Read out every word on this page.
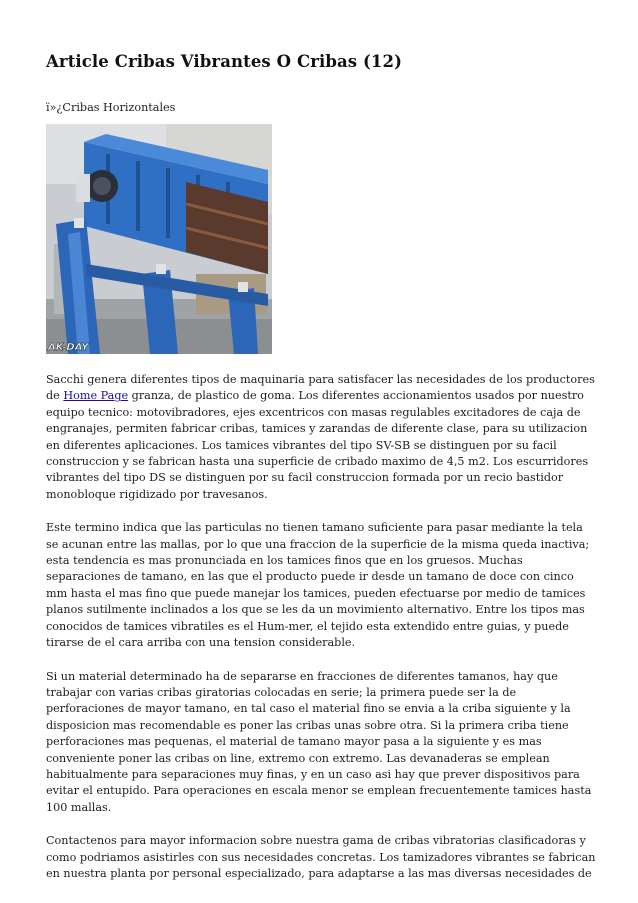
Article Cribas Vibrantes O Cribas (12)
ï»¿Cribas Horizontales
AK-DAY

Sacchi genera diferentes tipos de maquinaria para satisfacer las necesidades de los productores de Home Page granza, de plastico de goma. Los diferentes accionamientos usados por nuestro equipo tecnico: motovibradores, ejes excentricos con masas regulables excitadores de caja de engranajes, permiten fabricar cribas, tamices y zarandas de diferente clase, para su utilizacion en diferentes aplicaciones. Los tamices vibrantes del tipo SV-SB se distinguen por su facil construccion y se fabrican hasta una superficie de cribado maximo de 4,5 m2. Los escurridores vibrantes del tipo DS se distinguen por su facil construccion formada por un recio bastidor monobloque rigidizado por travesanos.

Este termino indica que las particulas no tienen tamano suficiente para pasar mediante la tela se acunan entre las mallas, por lo que una fraccion de la superficie de la misma queda inactiva; esta tendencia es mas pronunciada en los tamices finos que en los gruesos. Muchas separaciones de tamano, en las que el producto puede ir desde un tamano de doce con cinco mm hasta el mas fino que puede manejar los tamices, pueden efectuarse por medio de tamices planos sutilmente inclinados a los que se les da un movimiento alternativo. Entre los tipos mas conocidos de tamices vibratiles es el Hum-mer, el tejido esta extendido entre guias, y puede tirarse de el cara arriba con una tension considerable.

Si un material determinado ha de separarse en fracciones de diferentes tamanos, hay que trabajar con varias cribas giratorias colocadas en serie; la primera puede ser la de perforaciones de mayor tamano, en tal caso el material fino se envia a la criba siguiente y la disposicion mas recomendable es poner las cribas unas sobre otra. Si la primera criba tiene perforaciones mas pequenas, el material de tamano mayor pasa a la siguiente y es mas conveniente poner las cribas on line, extremo con extremo. Las devanaderas se emplean habitualmente para separaciones muy finas, y en un caso asi hay que prever dispositivos para evitar el entupido. Para operaciones en escala menor se emplean frecuentemente tamices hasta 100 mallas.

Contactenos para mayor informacion sobre nuestra gama de cribas vibratorias clasificadoras y como podriamos asistirles con sus necesidades concretas. Los tamizadores vibrantes se fabrican en nuestra planta por personal especializado, para adaptarse a las mas diversas necesidades de
